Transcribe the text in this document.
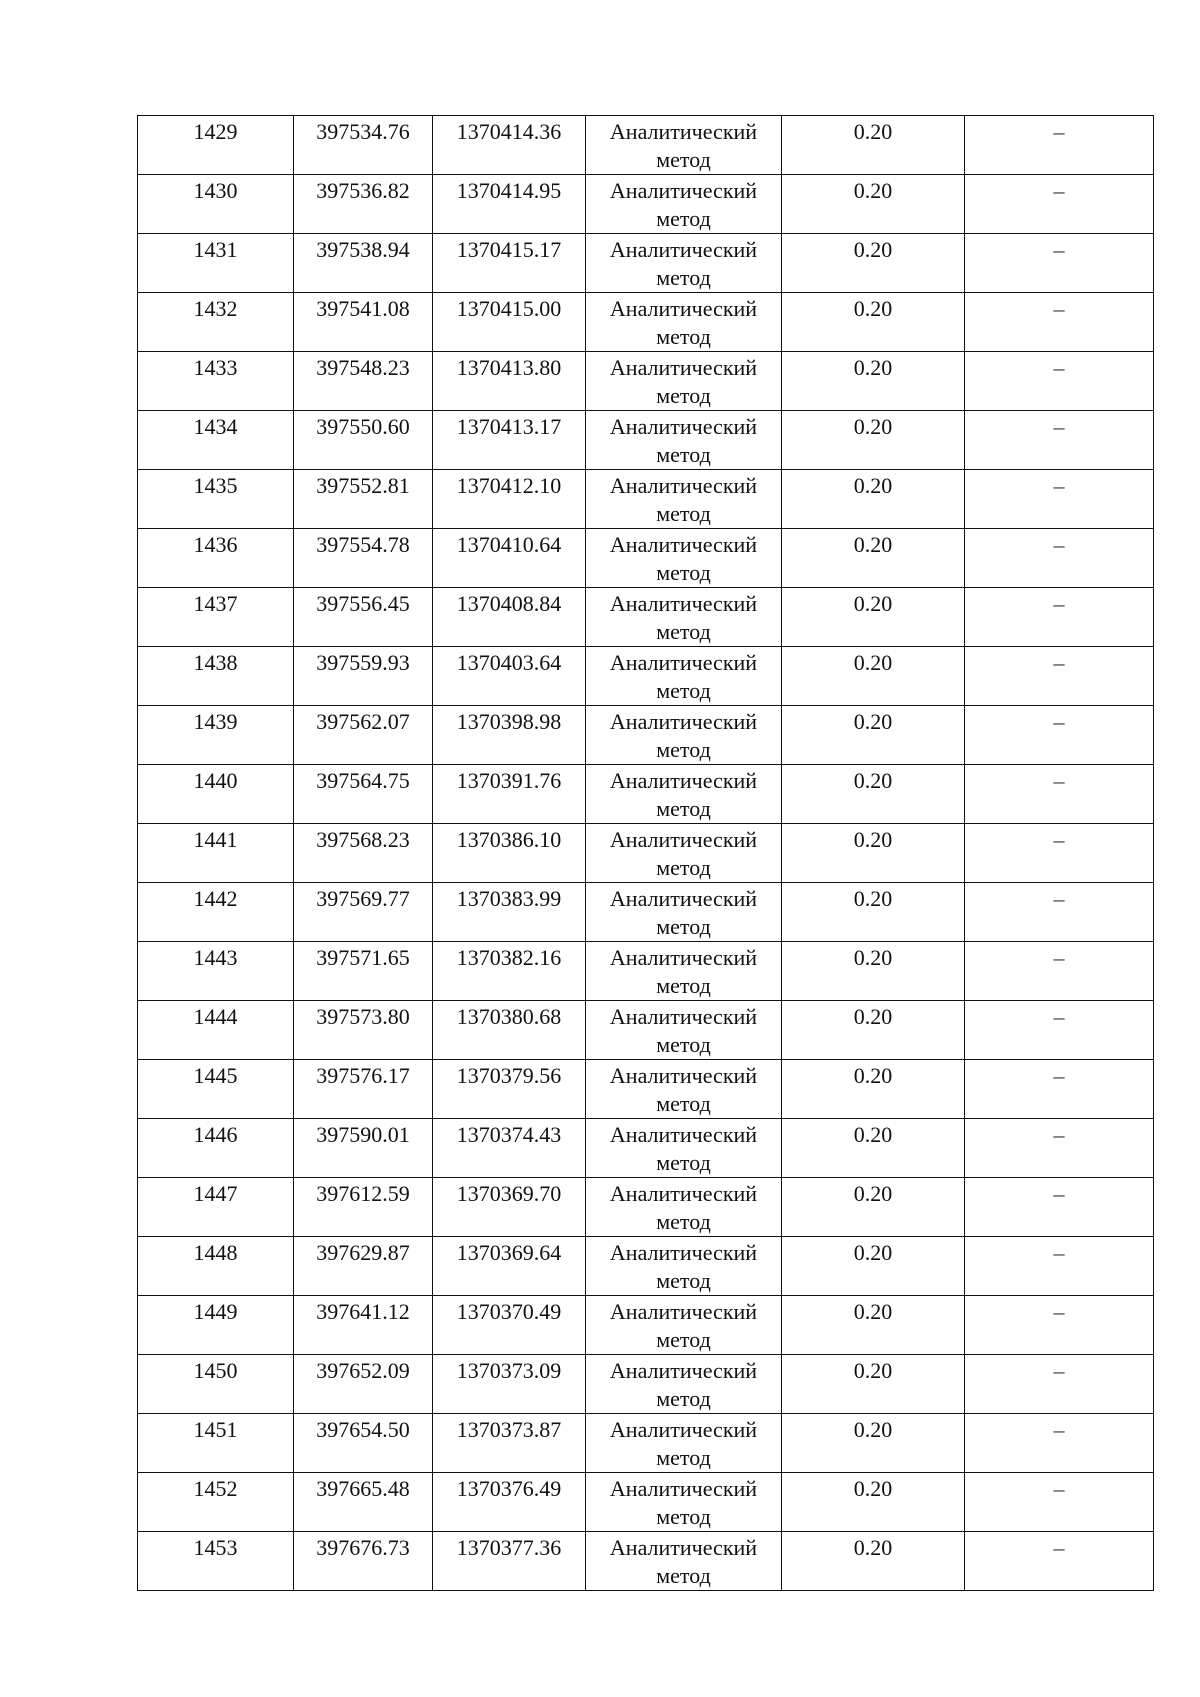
1429	397534.76	1370414.36	Аналитический
метод	0.20	–
1430	397536.82	1370414.95	Аналитический
метод	0.20	–
1431	397538.94	1370415.17	Аналитический
метод	0.20	–
1432	397541.08	1370415.00	Аналитический
метод	0.20	–
1433	397548.23	1370413.80	Аналитический
метод	0.20	–
1434	397550.60	1370413.17	Аналитический
метод	0.20	–
1435	397552.81	1370412.10	Аналитический
метод	0.20	–
1436	397554.78	1370410.64	Аналитический
метод	0.20	–
1437	397556.45	1370408.84	Аналитический
метод	0.20	–
1438	397559.93	1370403.64	Аналитический
метод	0.20	–
1439	397562.07	1370398.98	Аналитический
метод	0.20	–
1440	397564.75	1370391.76	Аналитический
метод	0.20	–
1441	397568.23	1370386.10	Аналитический
метод	0.20	–
1442	397569.77	1370383.99	Аналитический
метод	0.20	–
1443	397571.65	1370382.16	Аналитический
метод	0.20	–
1444	397573.80	1370380.68	Аналитический
метод	0.20	–
1445	397576.17	1370379.56	Аналитический
метод	0.20	–
1446	397590.01	1370374.43	Аналитический
метод	0.20	–
1447	397612.59	1370369.70	Аналитический
метод	0.20	–
1448	397629.87	1370369.64	Аналитический
метод	0.20	–
1449	397641.12	1370370.49	Аналитический
метод	0.20	–
1450	397652.09	1370373.09	Аналитический
метод	0.20	–
1451	397654.50	1370373.87	Аналитический
метод	0.20	–
1452	397665.48	1370376.49	Аналитический
метод	0.20	–
1453	397676.73	1370377.36	Аналитический
метод	0.20	–
